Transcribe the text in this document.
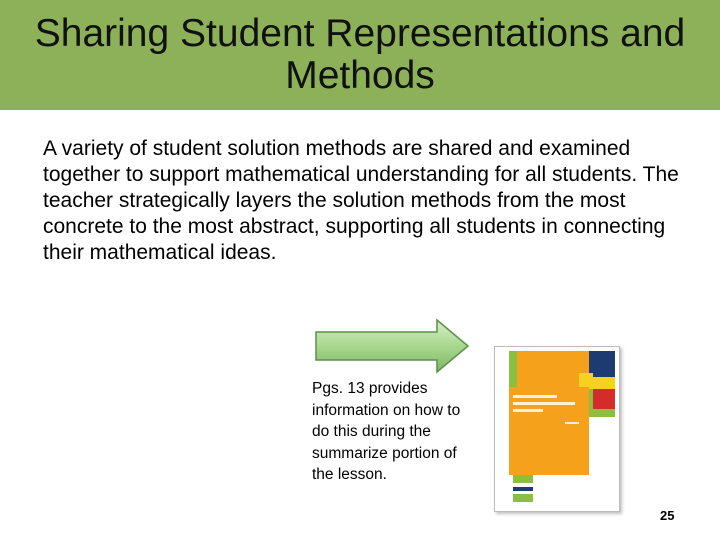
Sharing Student Representations and Methods

A variety of student solution methods are shared and examined together to support mathematical understanding for all students. The teacher strategically layers the solution methods from the most concrete to the most abstract, supporting all students in connecting their mathematical ideas.

Pgs. 13 provides information on how to do this during the summarize portion of the lesson.

25
